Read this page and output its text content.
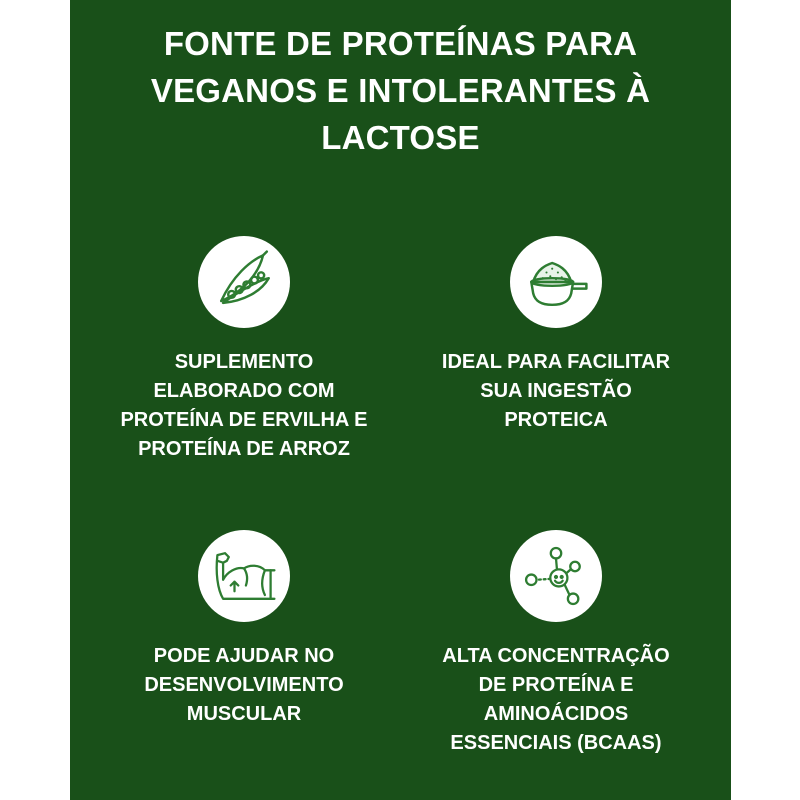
FONTE DE PROTEÍNAS PARA
VEGANOS E INTOLERANTES À
LACTOSE
SUPLEMENTO
ELABORADO COM
PROTEÍNA DE ERVILHA E
PROTEÍNA DE ARROZ
IDEAL PARA FACILITAR
SUA INGESTÃO
PROTEICA
PODE AJUDAR NO
DESENVOLVIMENTO
MUSCULAR
ALTA CONCENTRAÇÃO
DE PROTEÍNA E
AMINOÁCIDOS
ESSENCIAIS (BCAAS)
